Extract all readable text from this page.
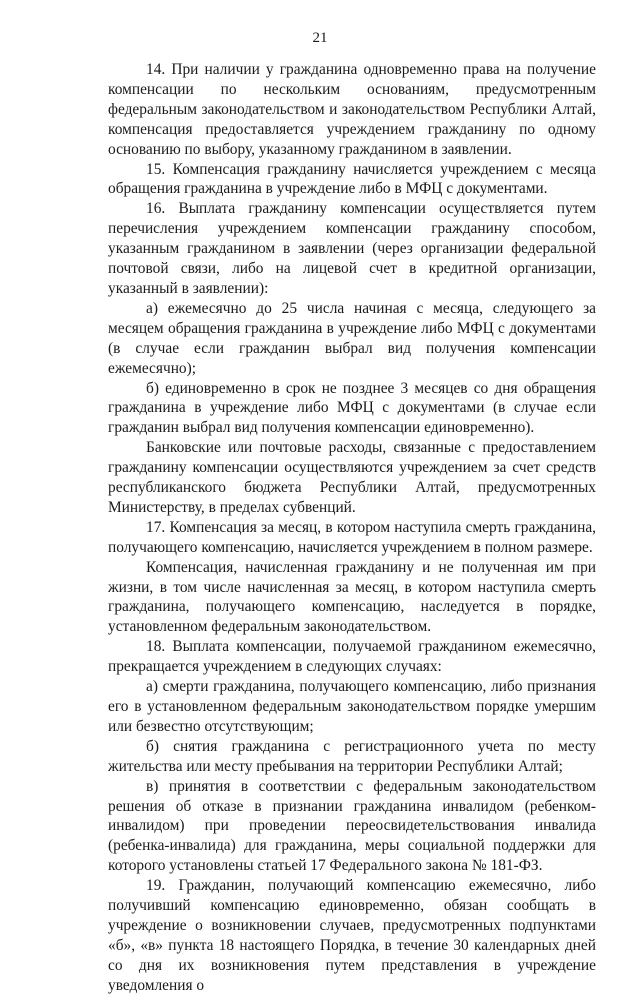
21

14. При наличии у гражданина одновременно права на получение компенсации по нескольким основаниям, предусмотренным федеральным законодательством и законодательством Республики Алтай, компенсация предоставляется учреждением гражданину по одному основанию по выбору, указанному гражданином в заявлении.

15. Компенсация гражданину начисляется учреждением с месяца обращения гражданина в учреждение либо в МФЦ с документами.

16. Выплата гражданину компенсации осуществляется путем перечисления учреждением компенсации гражданину способом, указанным гражданином в заявлении (через организации федеральной почтовой связи, либо на лицевой счет в кредитной организации, указанный в заявлении):

а) ежемесячно до 25 числа начиная с месяца, следующего за месяцем обращения гражданина в учреждение либо МФЦ с документами (в случае если гражданин выбрал вид получения компенсации ежемесячно);

б) единовременно в срок не позднее 3 месяцев со дня обращения гражданина в учреждение либо МФЦ с документами (в случае если гражданин выбрал вид получения компенсации единовременно).

Банковские или почтовые расходы, связанные с предоставлением гражданину компенсации осуществляются учреждением за счет средств республиканского бюджета Республики Алтай, предусмотренных Министерству, в пределах субвенций.

17. Компенсация за месяц, в котором наступила смерть гражданина, получающего компенсацию, начисляется учреждением в полном размере.

Компенсация, начисленная гражданину и не полученная им при жизни, в том числе начисленная за месяц, в котором наступила смерть гражданина, получающего компенсацию, наследуется в порядке, установленном федеральным законодательством.

18. Выплата компенсации, получаемой гражданином ежемесячно, прекращается учреждением в следующих случаях:

а) смерти гражданина, получающего компенсацию, либо признания его в установленном федеральным законодательством порядке умершим или безвестно отсутствующим;

б) снятия гражданина с регистрационного учета по месту жительства или месту пребывания на территории Республики Алтай;

в) принятия в соответствии с федеральным законодательством решения об отказе в признании гражданина инвалидом (ребенком-инвалидом) при проведении переосвидетельствования инвалида (ребенка-инвалида) для гражданина, меры социальной поддержки для которого установлены статьей 17 Федерального закона № 181-ФЗ.

19. Гражданин, получающий компенсацию ежемесячно, либо получивший компенсацию единовременно, обязан сообщать в учреждение о возникновении случаев, предусмотренных подпунктами «б», «в» пункта 18 настоящего Порядка, в течение 30 календарных дней со дня их возникновения путем представления в учреждение уведомления о
